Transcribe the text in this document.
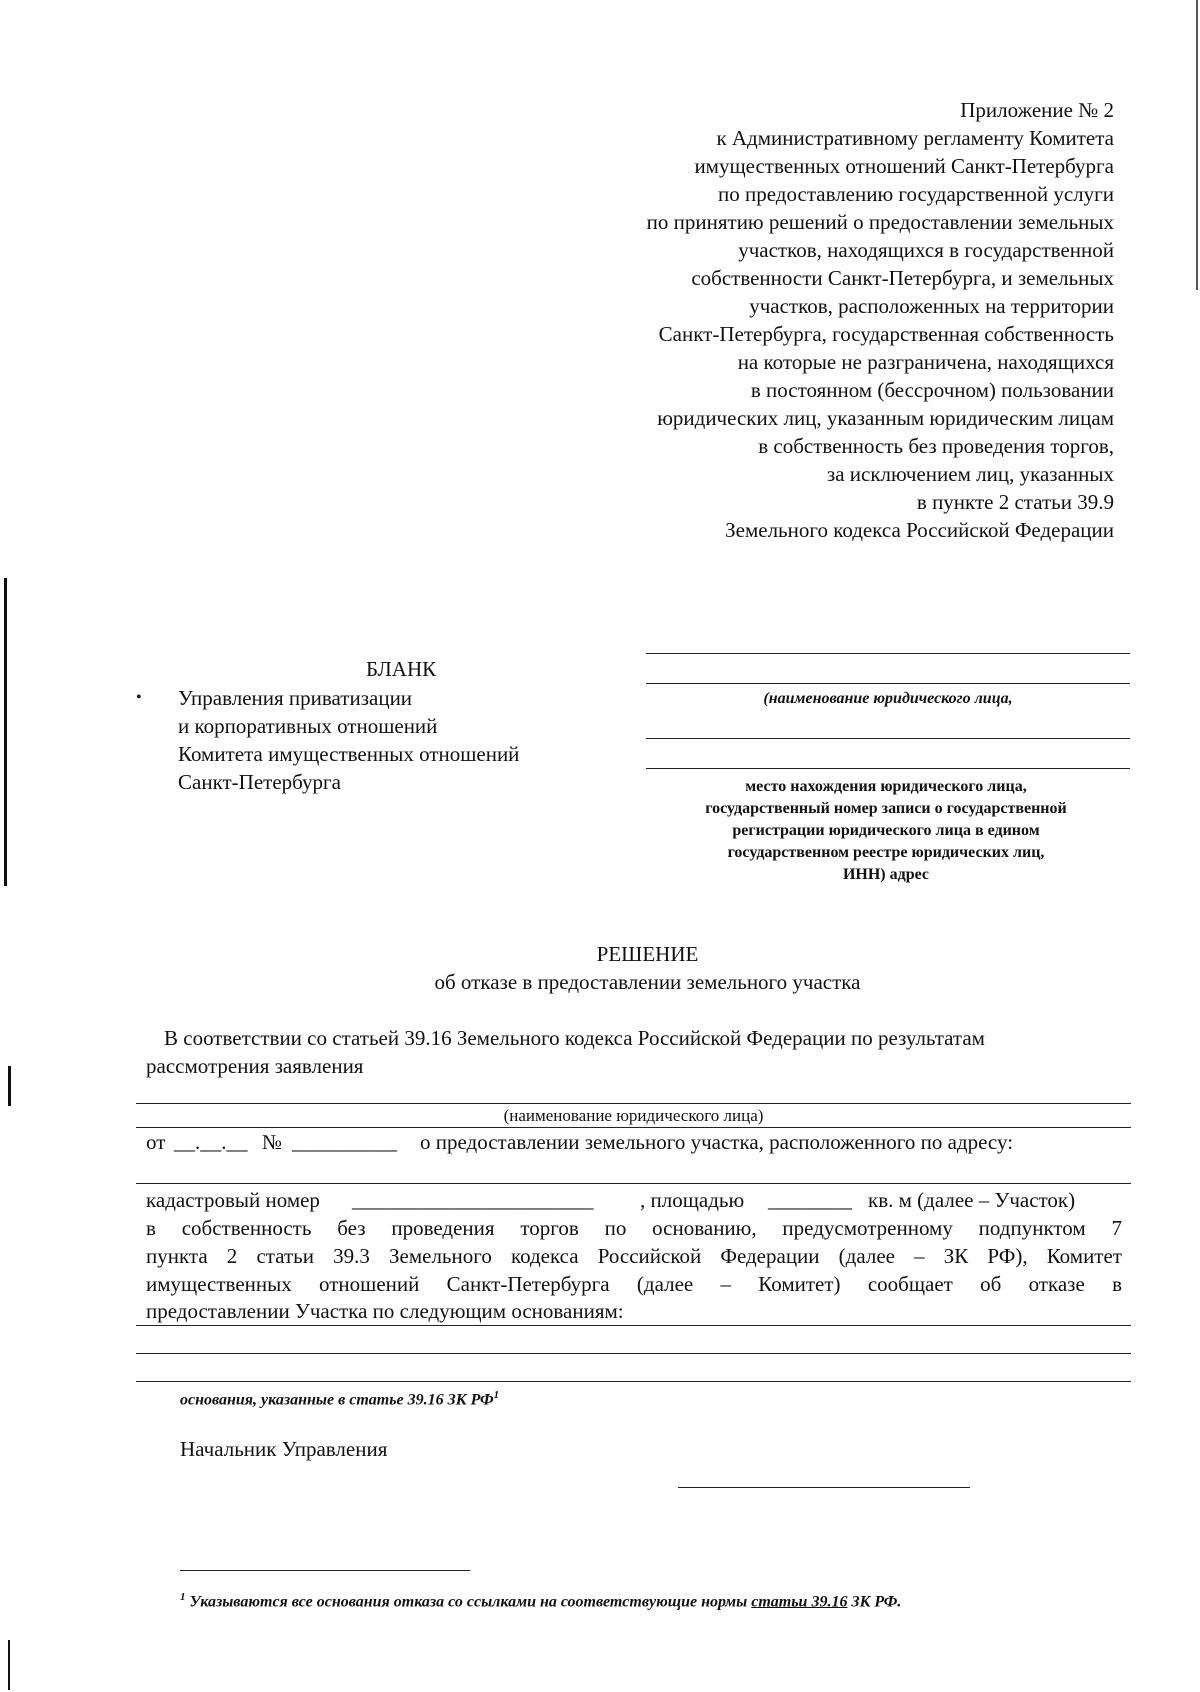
Приложение № 2
к Административному регламенту Комитета
имущественных отношений Санкт-Петербурга
по предоставлению государственной услуги
по принятию решений о предоставлении земельных
участков, находящихся в государственной
собственности Санкт-Петербурга, и земельных
участков, расположенных на территории
Санкт-Петербурга, государственная собственность
на которые не разграничена, находящихся
в постоянном (бессрочном) пользовании
юридических лиц, указанным юридическим лицам
в собственность без проведения торгов,
за исключением лиц, указанных
в пункте 2 статьи 39.9
Земельного кодекса Российской Федерации
БЛАНК
• Управления приватизации
и корпоративных отношений
Комитета имущественных отношений
Санкт-Петербурга
(наименование юридического лица,
место нахождения юридического лица,
государственный номер записи о государственной
регистрации юридического лица в едином
государственном реестре юридических лиц,
ИНН) адрес
РЕШЕНИЕ
об отказе в предоставлении земельного участка
В соответствии со статьей 39.16 Земельного кодекса Российской Федерации по результатам
рассмотрения заявления
(наименование юридического лица)
от __.__.__ № __________ о предоставлении земельного участка, расположенного по адресу:
кадастровый номер _______________________ , площадью ________ кв. м (далее – Участок)
в собственность без проведения торгов по основанию, предусмотренному подпунктом 7
пункта 2 статьи 39.3 Земельного кодекса Российской Федерации (далее – ЗК РФ), Комитет
имущественных отношений Санкт-Петербурга (далее – Комитет) сообщает об отказе в
предоставлении Участка по следующим основаниям:
основания, указанные в статье 39.16 ЗК $РФ^1$
Начальник Управления
$^1$ Указываются все основания отказа со ссылками на соответствующие нормы статьи 39.16 ЗК РФ.
